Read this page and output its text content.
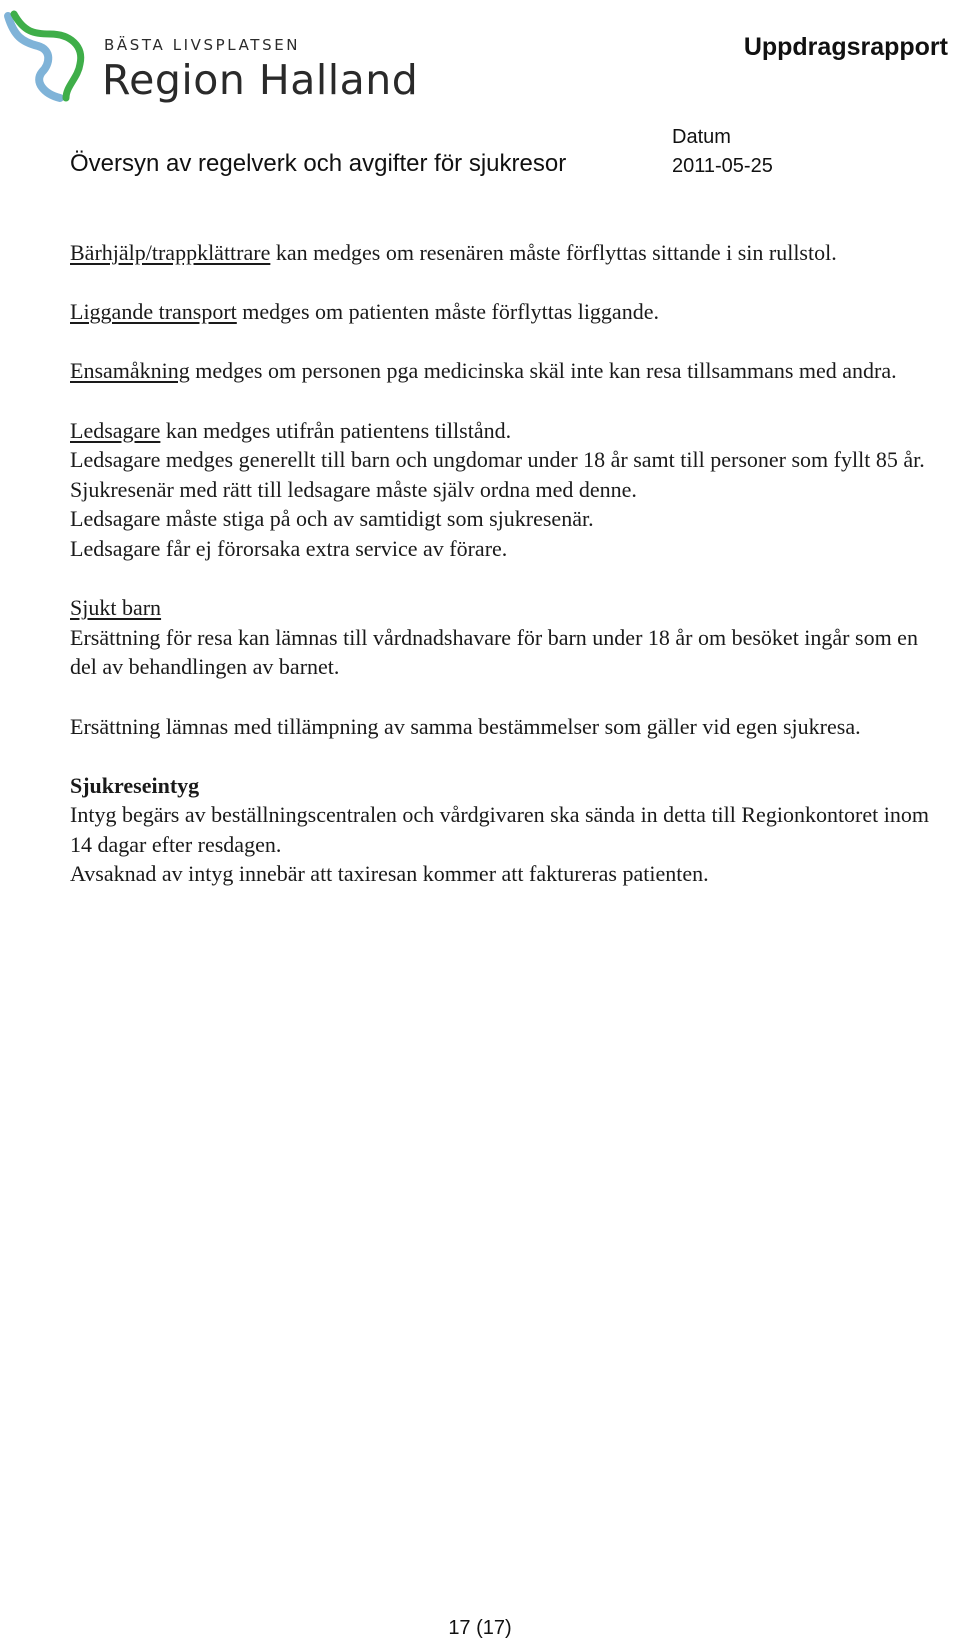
BÄSTA LIVSPLATSEN
Region Halland
Uppdragsrapport
Översyn av regelverk och avgifter för sjukresor
Datum
2011-05-25

Bärhjälp/trappklättrare kan medges om resenären måste förflyttas sittande i sin rullstol.

Liggande transport medges om patienten måste förflyttas liggande.

Ensamåkning medges om personen pga medicinska skäl inte kan resa tillsammans med andra.

Ledsagare kan medges utifrån patientens tillstånd.

Ledsagare medges generellt till barn och ungdomar under 18 år samt till personer som fyllt 85 år.

Sjukresenär med rätt till ledsagare måste själv ordna med denne.

Ledsagare måste stiga på och av samtidigt som sjukresenär.

Ledsagare får ej förorsaka extra service av förare.

Sjukt barn

Ersättning för resa kan lämnas till vårdnadshavare för barn under 18 år om besöket ingår som en del av behandlingen av barnet.

Ersättning lämnas med tillämpning av samma bestämmelser som gäller vid egen sjukresa.

Sjukreseintyg

Intyg begärs av beställningscentralen och vårdgivaren ska sända in detta till Regionkontoret inom 14 dagar efter resdagen.

Avsaknad av intyg innebär att taxiresan kommer att faktureras patienten.

17 (17)
